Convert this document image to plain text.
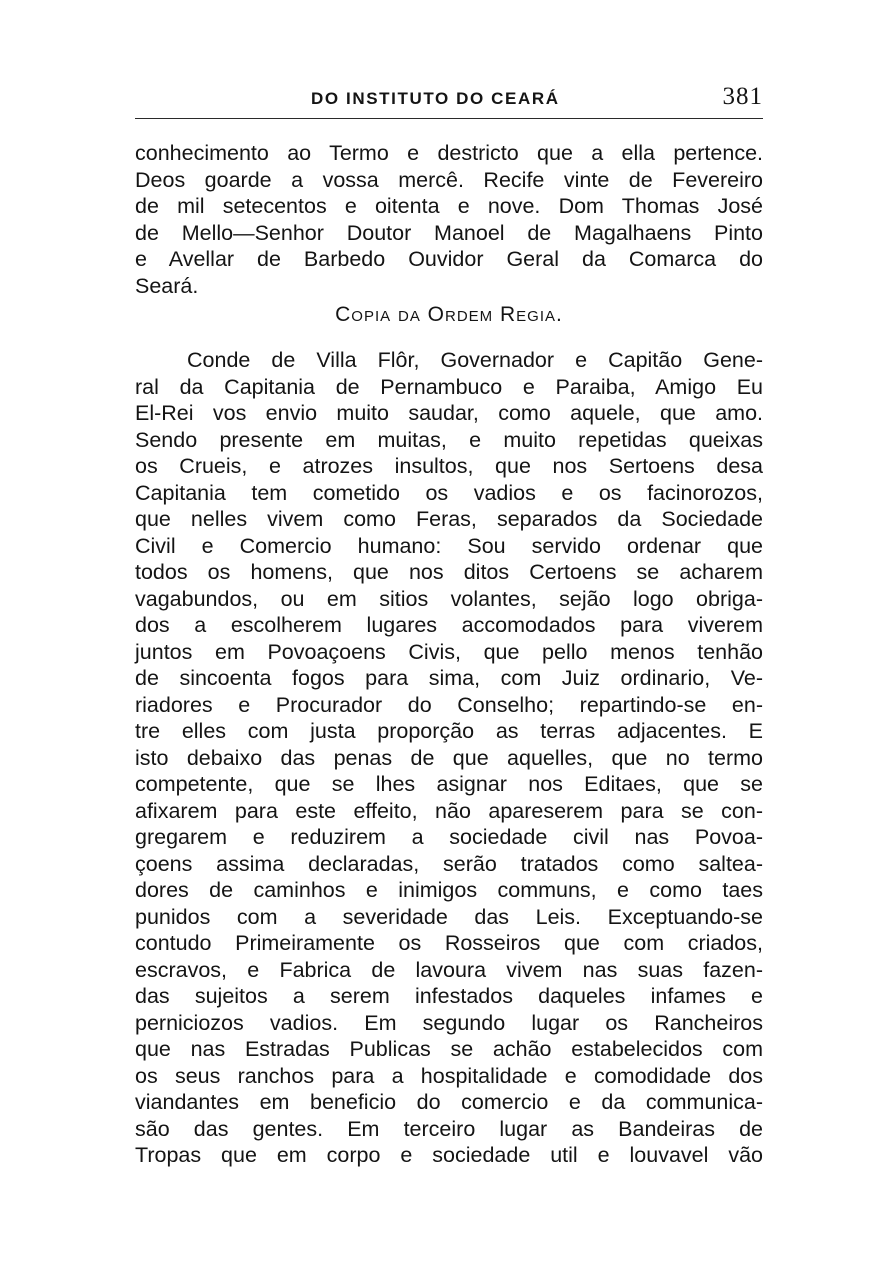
DO INSTITUTO DO CEARÁ	381
conhecimento ao Termo e destricto que a ella pertence.
Deos goarde a vossa mercê. Recife vinte de Fevereiro
de mil setecentos e oitenta e nove. Dom Thomas José
de Mello—Senhor Doutor Manoel de Magalhaens Pinto
e Avellar de Barbedo Ouvidor Geral da Comarca do
Seará.
Copia da Ordem Regia.
Conde de Villa Flôr, Governador e Capitão Gene-
ral da Capitania de Pernambuco e Paraiba, Amigo Eu
El-Rei vos envio muito saudar, como aquele, que amo.
Sendo presente em muitas, e muito repetidas queixas
os Crueis, e atrozes insultos, que nos Sertoens desa
Capitania tem cometido os vadios e os facinorozos,
que nelles vivem como Feras, separados da Sociedade
Civil e Comercio humano: Sou servido ordenar que
todos os homens, que nos ditos Certoens se acharem
vagabundos, ou em sitios volantes, sejão logo obriga-
dos a escolherem lugares accomodados para viverem
juntos em Povoaçoens Civis, que pello menos tenhão
de sincoenta fogos para sima, com Juiz ordinario, Ve-
riadores e Procurador do Conselho; repartindo-se en-
tre elles com justa proporção as terras adjacentes. E
isto debaixo das penas de que aquelles, que no termo
competente, que se lhes asignar nos Editaes, que se
afixarem para este effeito, não apareserem para se con-
gregarem e reduzirem a sociedade civil nas Povoa-
çoens assima declaradas, serão tratados como saltea-
dores de caminhos e inimigos communs, e como taes
punidos com a severidade das Leis. Exceptuando-se
contudo Primeiramente os Rosseiros que com criados,
escravos, e Fabrica de lavoura vivem nas suas fazen-
das sujeitos a serem infestados daqueles infames e
perniciozos vadios. Em segundo lugar os Rancheiros
que nas Estradas Publicas se achão estabelecidos com
os seus ranchos para a hospitalidade e comodidade dos
viandantes em beneficio do comercio e da communica-
são das gentes. Em terceiro lugar as Bandeiras de
Tropas que em corpo e sociedade util e louvavel vão
